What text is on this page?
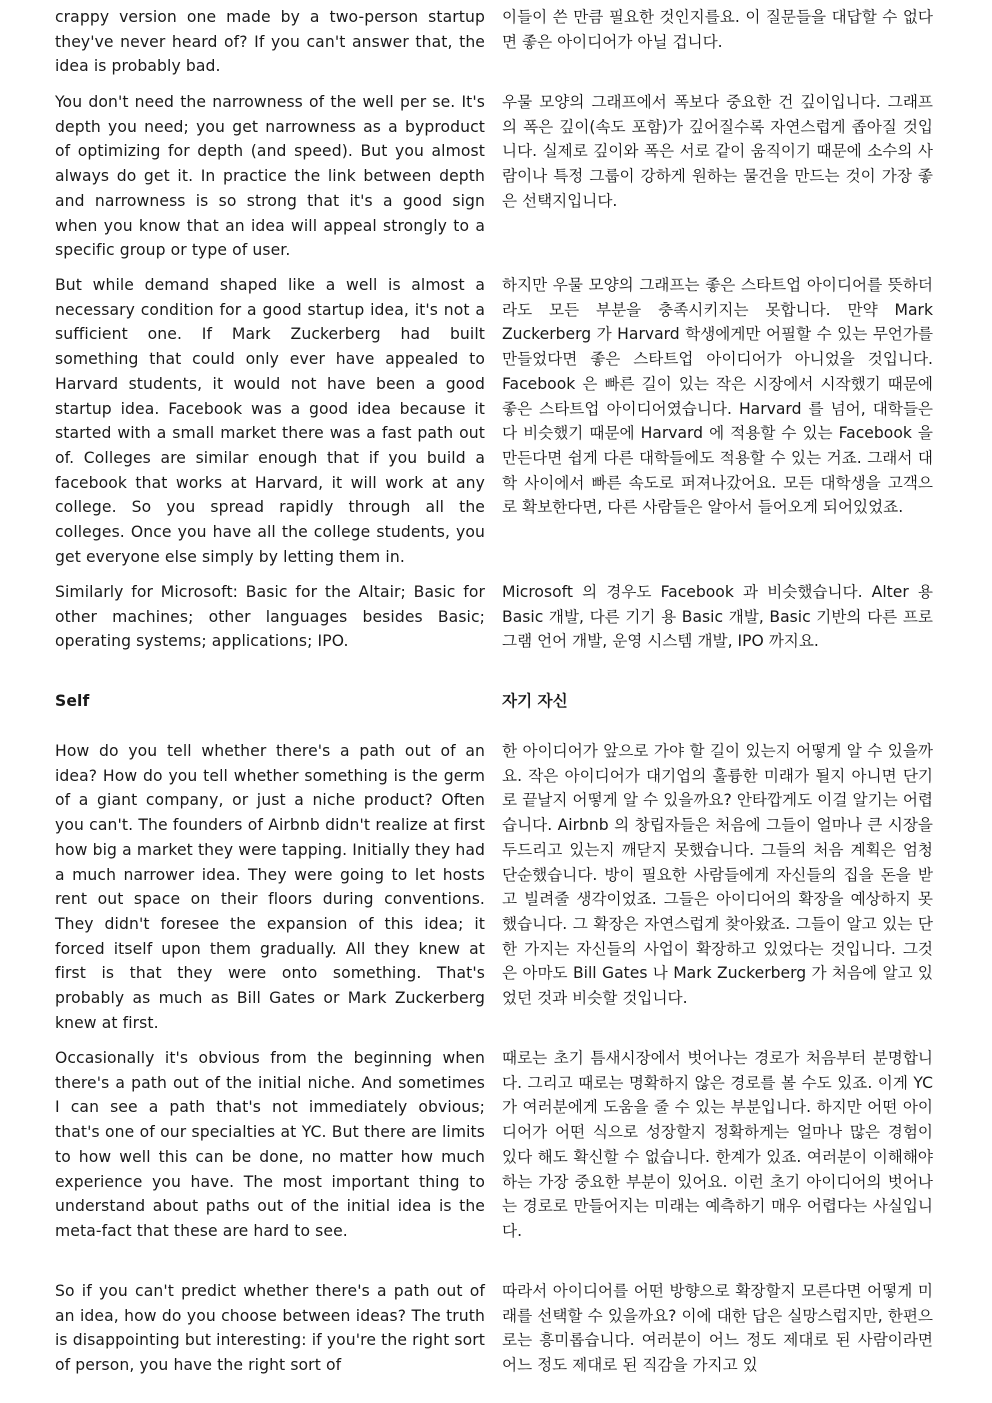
crappy version one made by a two-person startup they've never heard of? If you can't answer that, the idea is probably bad.

이들이 쓴 만큼 필요한 것인지를요. 이 질문들을 대답할 수 없다면 좋은 아이디어가 아닐 겁니다.

You don't need the narrowness of the well per se. It's depth you need; you get narrowness as a byproduct of optimizing for depth (and speed). But you almost always do get it. In practice the link between depth and narrowness is so strong that it's a good sign when you know that an idea will appeal strongly to a specific group or type of user.

우물 모양의 그래프에서 폭보다 중요한 건 깊이입니다. 그래프의 폭은 깊이(속도 포함)가 깊어질수록 자연스럽게 좁아질 것입니다. 실제로 깊이와 폭은 서로 같이 움직이기 때문에 소수의 사람이나 특정 그룹이 강하게 원하는 물건을 만드는 것이 가장 좋은 선택지입니다.

But while demand shaped like a well is almost a necessary condition for a good startup idea, it's not a sufficient one. If Mark Zuckerberg had built something that could only ever have appealed to Harvard students, it would not have been a good startup idea. Facebook was a good idea because it started with a small market there was a fast path out of. Colleges are similar enough that if you build a facebook that works at Harvard, it will work at any college. So you spread rapidly through all the colleges. Once you have all the college students, you get everyone else simply by letting them in.

하지만 우물 모양의 그래프는 좋은 스타트업 아이디어를 뜻하더라도 모든 부분을 충족시키지는 못합니다. 만약 Mark Zuckerberg 가 Harvard 학생에게만 어필할 수 있는 무언가를 만들었다면 좋은 스타트업 아이디어가 아니었을 것입니다. Facebook 은 빠른 길이 있는 작은 시장에서 시작했기 때문에 좋은 스타트업 아이디어였습니다. Harvard 를 넘어, 대학들은 다 비슷했기 때문에 Harvard 에 적용할 수 있는 Facebook 을 만든다면 쉽게 다른 대학들에도 적용할 수 있는 거죠. 그래서 대학 사이에서 빠른 속도로 퍼져나갔어요. 모든 대학생을 고객으로 확보한다면, 다른 사람들은 알아서 들어오게 되어있었죠.

Similarly for Microsoft: Basic for the Altair; Basic for other machines; other languages besides Basic; operating systems; applications; IPO.

Microsoft 의 경우도 Facebook 과 비슷했습니다. Alter 용 Basic 개발, 다른 기기 용 Basic 개발, Basic 기반의 다른 프로그램 언어 개발, 운영 시스템 개발, IPO 까지요.

Self	자기 자신

How do you tell whether there's a path out of an idea? How do you tell whether something is the germ of a giant company, or just a niche product? Often you can't. The founders of Airbnb didn't realize at first how big a market they were tapping. Initially they had a much narrower idea. They were going to let hosts rent out space on their floors during conventions. They didn't foresee the expansion of this idea; it forced itself upon them gradually. All they knew at first is that they were onto something. That's probably as much as Bill Gates or Mark Zuckerberg knew at first.

한 아이디어가 앞으로 가야 할 길이 있는지 어떻게 알 수 있을까요. 작은 아이디어가 대기업의 훌륭한 미래가 될지 아니면 단기로 끝날지 어떻게 알 수 있을까요? 안타깝게도 이걸 알기는 어렵습니다. Airbnb 의 창립자들은 처음에 그들이 얼마나 큰 시장을 두드리고 있는지 깨닫지 못했습니다. 그들의 처음 계획은 엄청 단순했습니다. 방이 필요한 사람들에게 자신들의 집을 돈을 받고 빌려줄 생각이었죠. 그들은 아이디어의 확장을 예상하지 못했습니다. 그 확장은 자연스럽게 찾아왔죠. 그들이 알고 있는 단 한 가지는 자신들의 사업이 확장하고 있었다는 것입니다. 그것은 아마도 Bill Gates 나 Mark Zuckerberg 가 처음에 알고 있었던 것과 비슷할 것입니다.

Occasionally it's obvious from the beginning when there's a path out of the initial niche. And sometimes I can see a path that's not immediately obvious; that's one of our specialties at YC. But there are limits to how well this can be done, no matter how much experience you have. The most important thing to understand about paths out of the initial idea is the meta-fact that these are hard to see.

때로는 초기 틈새시장에서 벗어나는 경로가 처음부터 분명합니다. 그리고 때로는 명확하지 않은 경로를 볼 수도 있죠. 이게 YC 가 여러분에게 도움을 줄 수 있는 부분입니다. 하지만 어떤 아이디어가 어떤 식으로 성장할지 정확하게는 얼마나 많은 경험이 있다 해도 확신할 수 없습니다. 한계가 있죠. 여러분이 이해해야 하는 가장 중요한 부분이 있어요. 이런 초기 아이디어의 벗어나는 경로로 만들어지는 미래는 예측하기 매우 어렵다는 사실입니다.

So if you can't predict whether there's a path out of an idea, how do you choose between ideas? The truth is disappointing but interesting: if you're the right sort of person, you have the right sort of

따라서 아이디어를 어떤 방향으로 확장할지 모른다면 어떻게 미래를 선택할 수 있을까요? 이에 대한 답은 실망스럽지만, 한편으로는 흥미롭습니다. 여러분이 어느 정도 제대로 된 사람이라면 어느 정도 제대로 된 직감을 가지고 있
